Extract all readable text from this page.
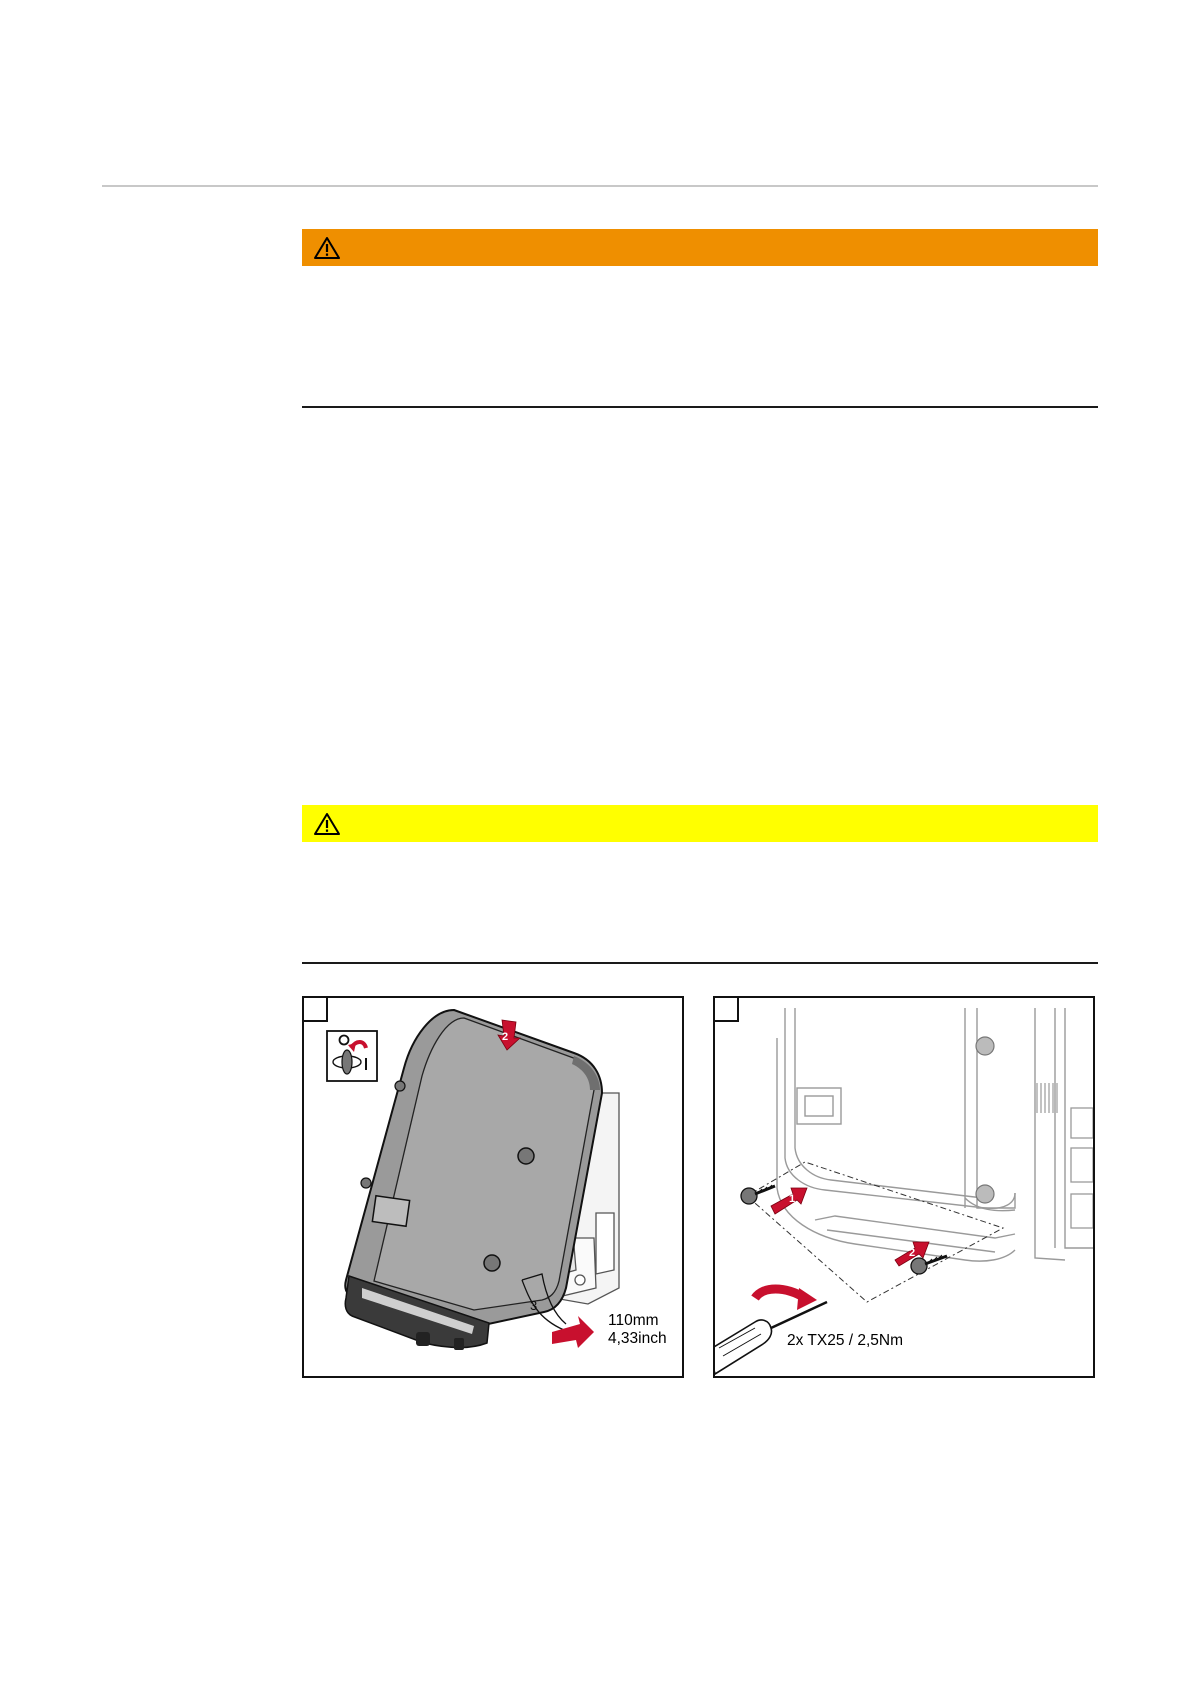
2
3
110mm
4,33inch
1
2
2x TX25 / 2,5Nm
